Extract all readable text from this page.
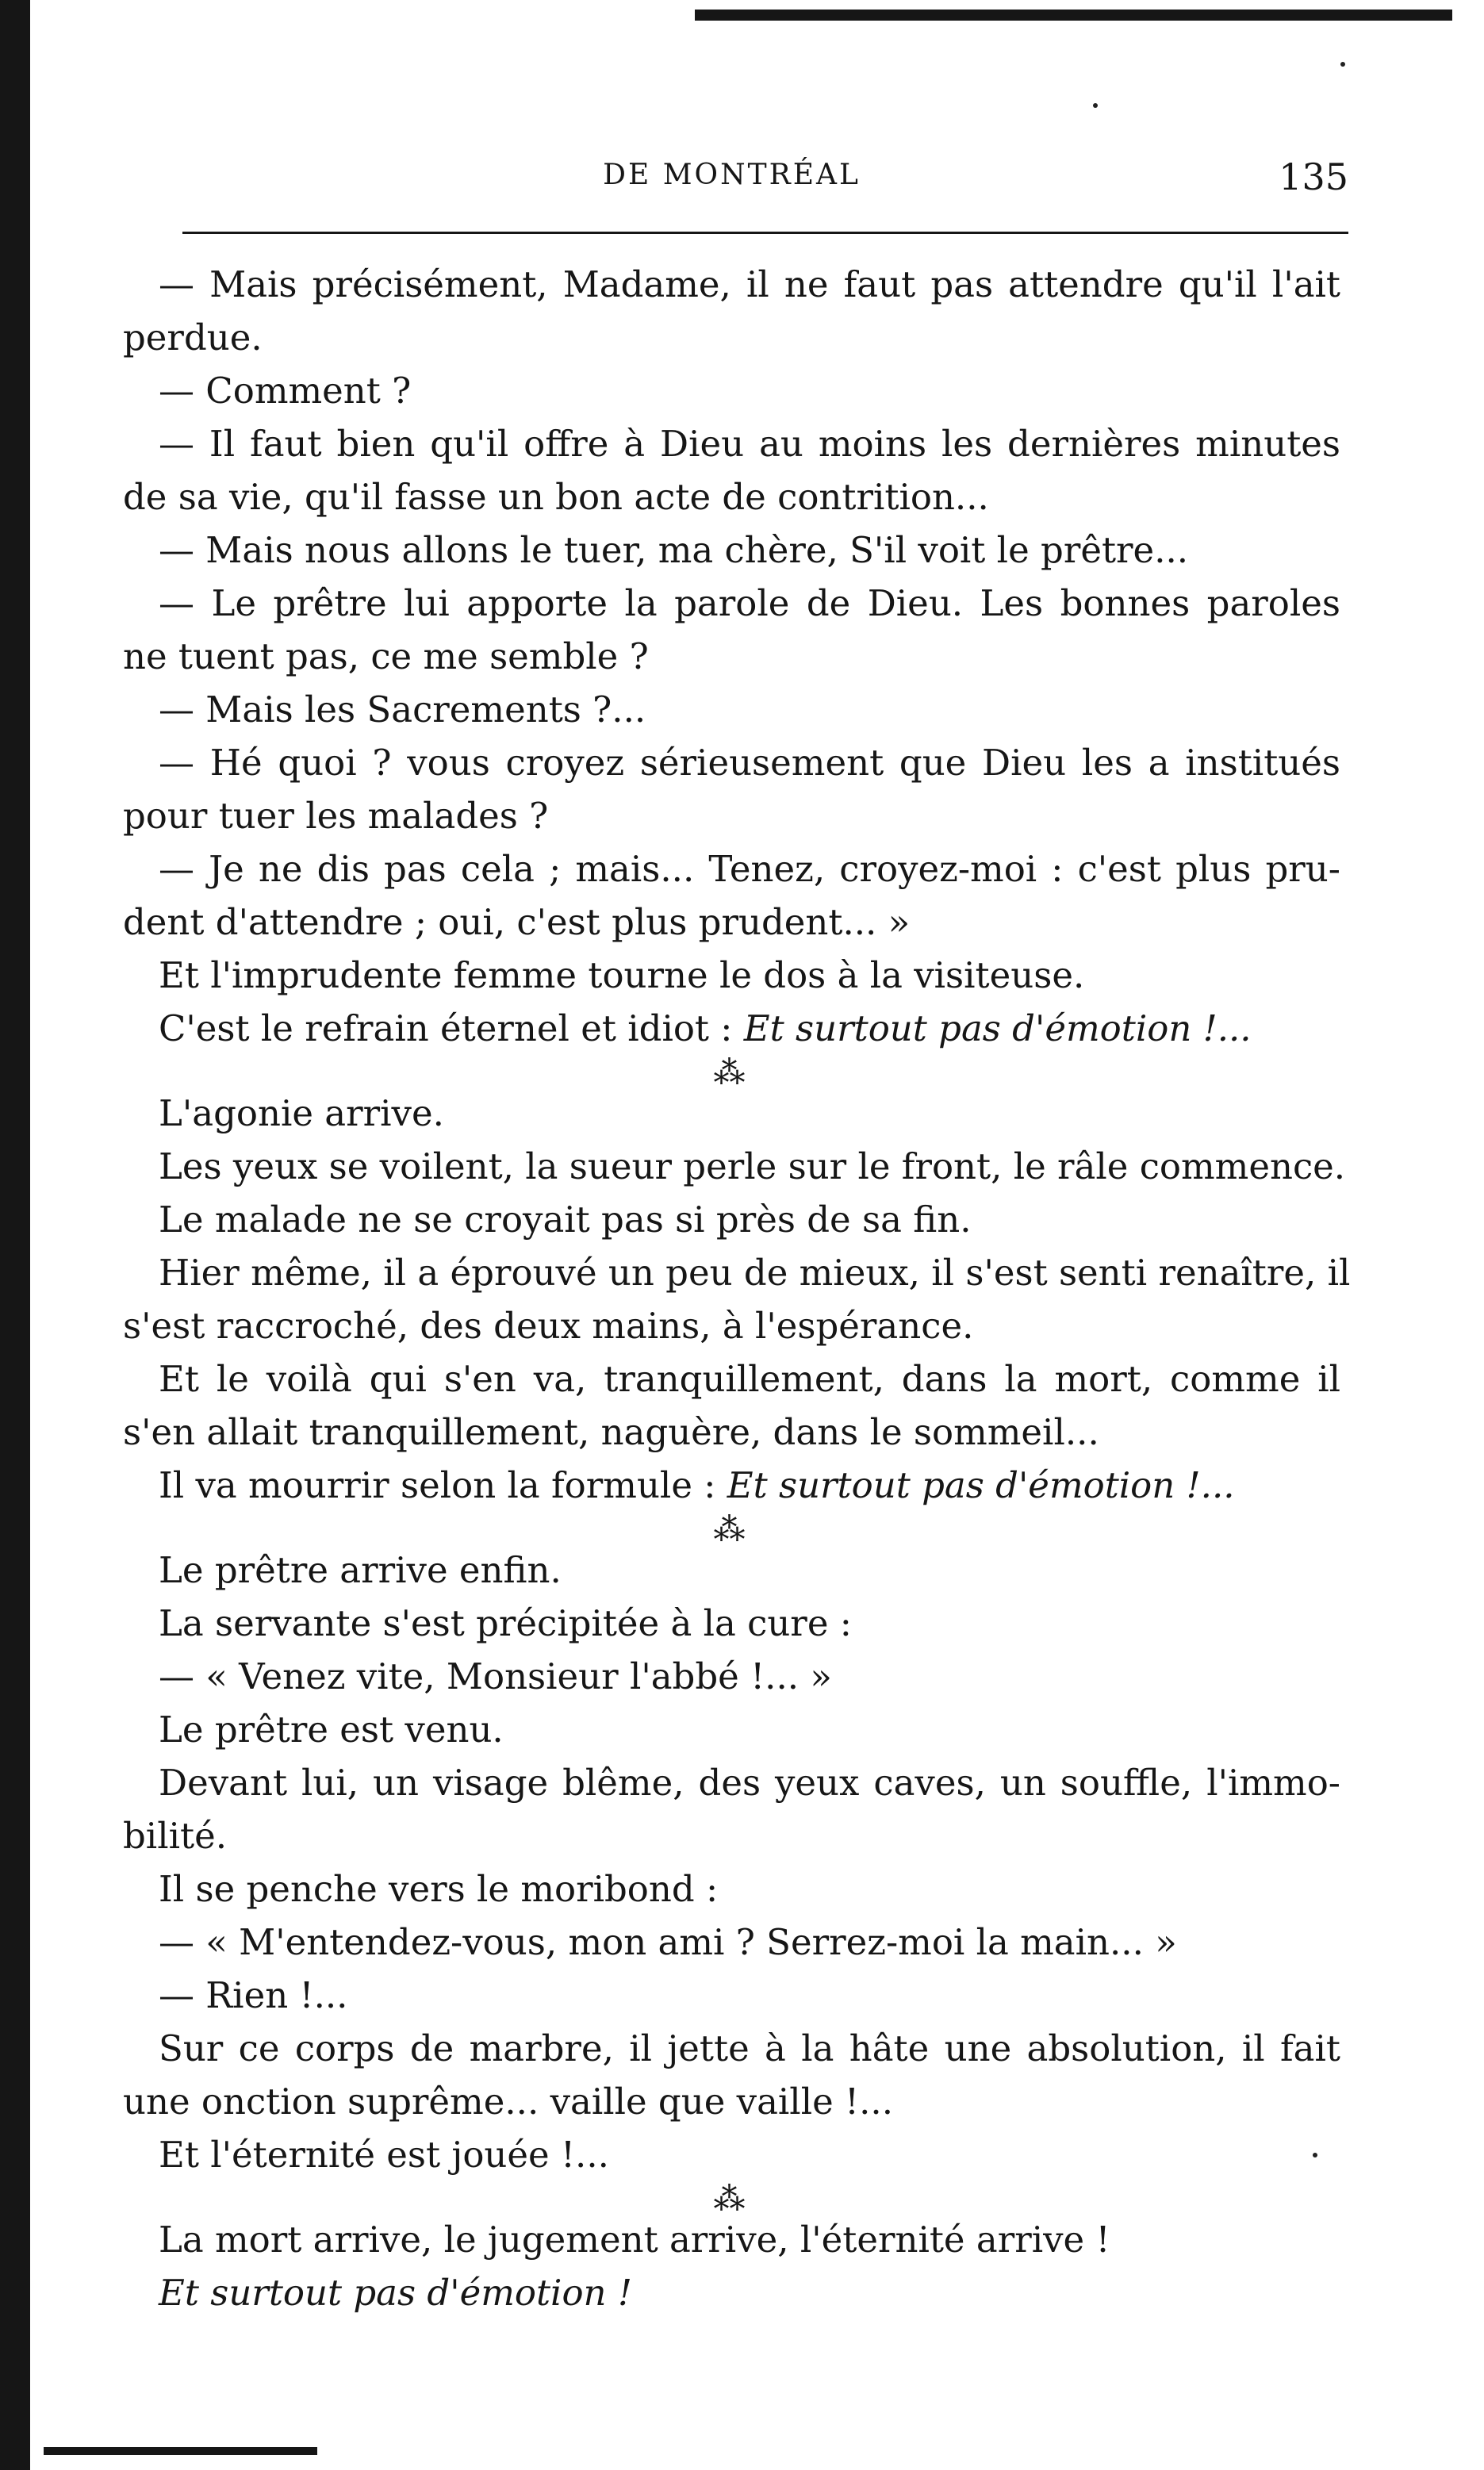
DE MONTRÉAL	135
— Mais précisément, Madame, il ne faut pas attendre qu'il l'ait
perdue.
— Comment ?
— Il faut bien qu'il offre à Dieu au moins les dernières minutes
de sa vie, qu'il fasse un bon acte de contrition...
— Mais nous allons le tuer, ma chère, S'il voit le prêtre...
— Le prêtre lui apporte la parole de Dieu. Les bonnes paroles
ne tuent pas, ce me semble ?
— Mais les Sacrements ?...
— Hé quoi ? vous croyez sérieusement que Dieu les a institués
pour tuer les malades ?
— Je ne dis pas cela ; mais... Tenez, croyez-moi : c'est plus pru-
dent d'attendre ; oui, c'est plus prudent... »
Et l'imprudente femme tourne le dos à la visiteuse.
C'est le refrain éternel et idiot : Et surtout pas d'émotion !...
⁂
L'agonie arrive.
Les yeux se voilent, la sueur perle sur le front, le râle commence.
Le malade ne se croyait pas si près de sa fin.
Hier même, il a éprouvé un peu de mieux, il s'est senti renaître, il
s'est raccroché, des deux mains, à l'espérance.
Et le voilà qui s'en va, tranquillement, dans la mort, comme il
s'en allait tranquillement, naguère, dans le sommeil...
Il va mourrir selon la formule : Et surtout pas d'émotion !...
⁂
Le prêtre arrive enfin.
La servante s'est précipitée à la cure :
— « Venez vite, Monsieur l'abbé !... »
Le prêtre est venu.
Devant lui, un visage blême, des yeux caves, un souffle, l'immo-
bilité.
Il se penche vers le moribond :
— « M'entendez-vous, mon ami ? Serrez-moi la main... »
— Rien !...
Sur ce corps de marbre, il jette à la hâte une absolution, il fait
une onction suprême... vaille que vaille !...
Et l'éternité est jouée !...
⁂
La mort arrive, le jugement arrive, l'éternité arrive !
Et surtout pas d'émotion !
